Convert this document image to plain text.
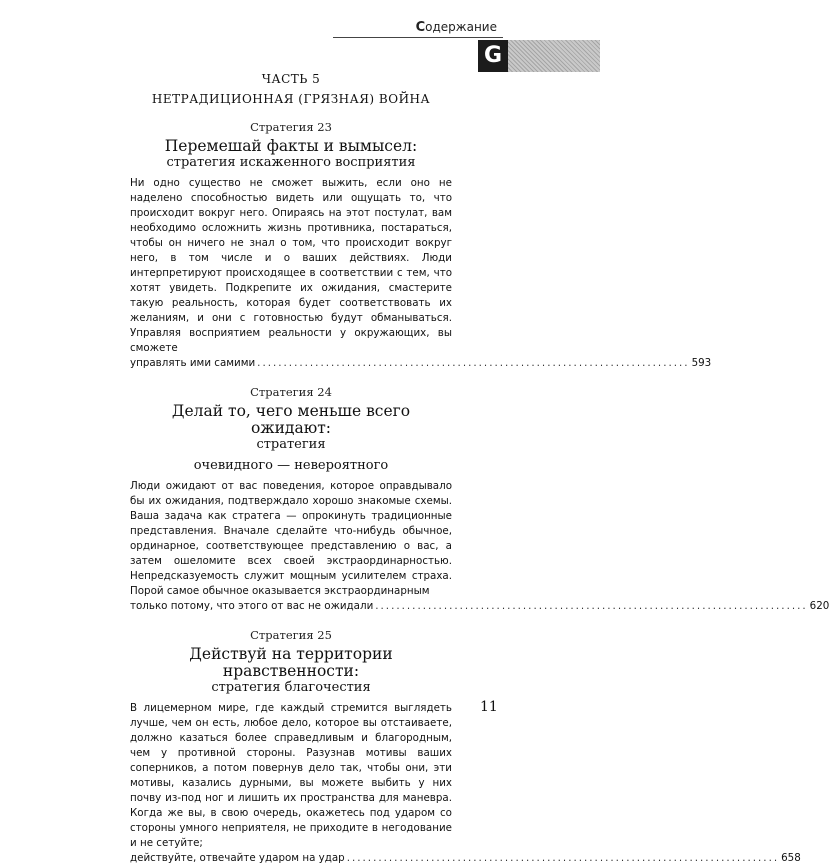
Содержание
G
ЧАСТЬ 5
НЕТРАДИЦИОННАЯ (ГРЯЗНАЯ) ВОЙНА
Стратегия 23
Перемешай факты и вымысел:
стратегия искаженного восприятия
Ни одно существо не сможет выжить, если оно не наделено способностью видеть или ощущать то, что происходит вокруг него. Опираясь на этот постулат, вам необходимо осложнить жизнь противника, постараться, чтобы он ничего не знал о том, что происходит вокруг него, в том числе и о ваших действиях. Люди интерпретируют происходящее в соответствии с тем, что хотят увидеть. Подкрепите их ожидания, смастерите такую реальность, которая будет соответствовать их желаниям, и они с готовностью будут обманываться. Управляя восприятием реальности у окружающих, вы сможете
управлять ими самими .................................................................................. 593
Стратегия 24
Делай то, чего меньше всего ожидают:
стратегия
очевидного — невероятного
Люди ожидают от вас поведения, которое оправдывало бы их ожидания, подтверждало хорошо знакомые схемы. Ваша задача как стратега — опрокинуть традиционные представления. Вначале сделайте что-нибудь обычное, ординарное, соответствующее представлению о вас, а затем ошеломите всех своей экстраординарностью. Непредсказуемость служит мощным усилителем страха. Порой самое обычное оказывается экстраординарным
только потому, что этого от вас не ожидали .................................................................................. 620
Стратегия 25
Действуй на территории нравственности:
стратегия благочестия
В лицемерном мире, где каждый стремится выглядеть лучше, чем он есть, любое дело, которое вы отстаиваете, должно казаться более справедливым и благородным, чем у противной стороны. Разузнав мотивы ваших соперников, а потом повернув дело так, чтобы они, эти мотивы, казались дурными, вы можете выбить у них почву из-под ног и лишить их пространства для маневра. Когда же вы, в свою очередь, окажетесь под ударом со стороны умного неприятеля, не приходите в негодование и не сетуйте;
действуйте, отвечайте ударом на удар .................................................................................. 658
11
